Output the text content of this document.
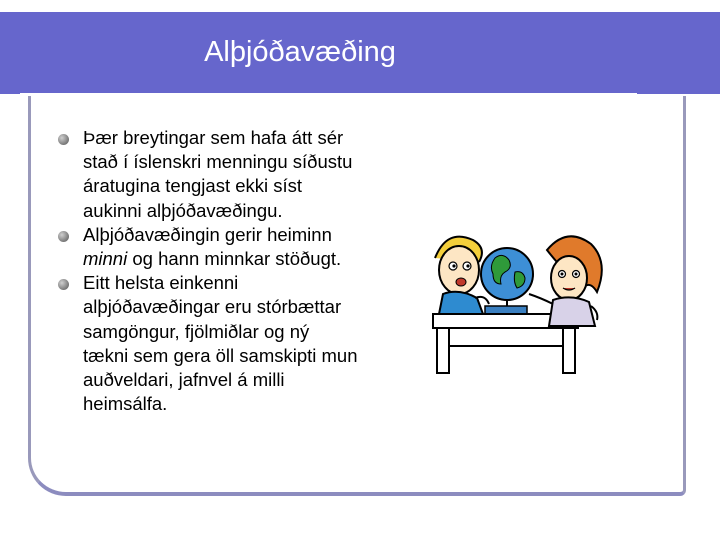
Alþjóðavæðing
Þær breytingar sem hafa átt sér stað í íslenskri menningu síðustu áratugina tengjast ekki síst aukinni alþjóðavæðingu.
Alþjóðavæðingin gerir heiminn minni og hann minnkar stöðugt.
Eitt helsta einkenni alþjóðavæðingar eru stórbættar samgöngur, fjölmiðlar og ný tækni sem gera öll samskipti mun auðveldari, jafnvel á milli heimsálfa.
